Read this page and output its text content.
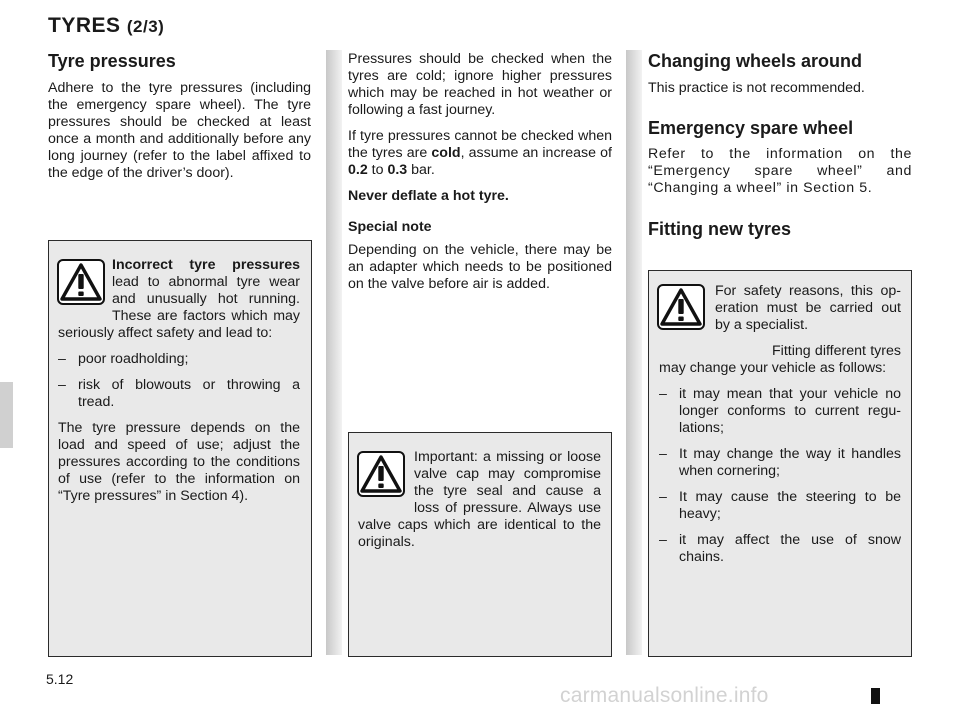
TYRES (2/3)
Tyre pressures

Adhere to the tyre pressures (including the emergency spare wheel). The tyre pressures should be checked at least once a month and additionally before any long journey (refer to the label affixed to the edge of the driver’s door).

Incorrect tyre pressures lead to abnormal tyre wear and unusually hot running. These are factors which may seriously affect safety and lead to:

– poor roadholding;

– risk of blowouts or throwing a tread.

The tyre pressure depends on the load and speed of use; adjust the pressures according to the conditions of use (refer to the information on “Tyre pressures” in Section 4).

Pressures should be checked when the tyres are cold; ignore higher pressures which may be reached in hot weather or following a fast journey.

If tyre pressures cannot be checked when the tyres are cold, assume an increase of 0.2 to 0.3 bar.

Never deflate a hot tyre.

Special note

Depending on the vehicle, there may be an adapter which needs to be positioned on the valve before air is added.

Important: a missing or loose valve cap may compromise the tyre seal and cause a loss of pressure. Always use valve caps which are identical to the originals.

Changing wheels around

This practice is not recommended.

Emergency spare wheel

Refer to the information on the “Emergency spare wheel” and “Changing a wheel” in Section 5.

Fitting new tyres

For safety reasons, this operation must be carried out by a specialist.

Fitting different tyres may change your vehicle as follows:

– it may mean that your vehicle no longer conforms to current regulations;

– It may change the way it handles when cornering;

– It may cause the steering to be heavy;

– it may affect the use of snow chains.

5.12
carmanualsonline.info
